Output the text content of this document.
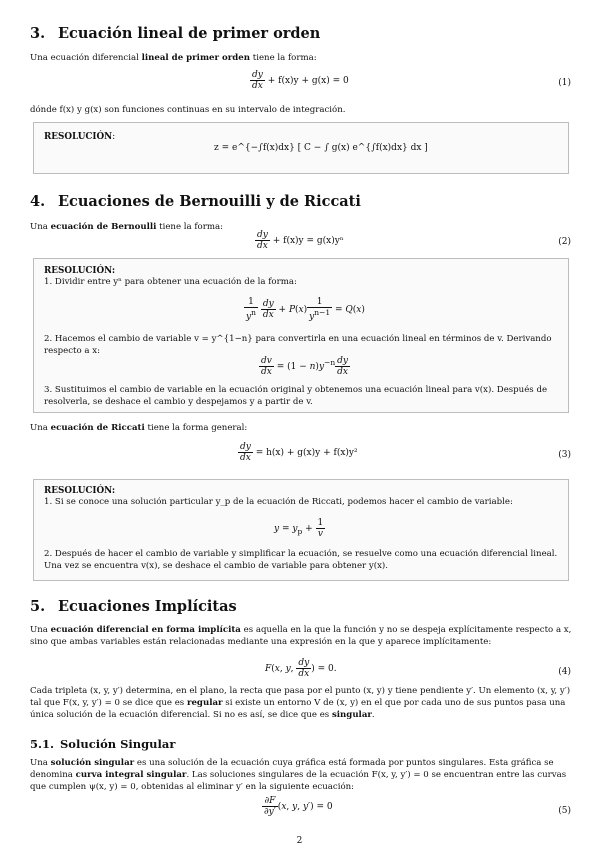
3. Ecuación lineal de primer orden

Una ecuación diferencial lineal de primer orden tiene la forma:

$\frac{dy}{dx} + f(x)y + g(x) = 0$	(1)

dónde f(x) y g(x) son funciones continuas en su intervalo de integración.

RESOLUCIÓN:
z = e^{−∫f(x)dx} [ C − ∫ g(x) e^{∫f(x)dx} dx ]
4. Ecuaciones de Bernouilli y de Riccati

Una ecuación de Bernoulli tiene la forma:

$\frac{dy}{dx} + f(x)y = g(x)y^n$	(2)
RESOLUCIÓN:
1. Dividir entre yⁿ para obtener una ecuación de la forma:
$\frac{1}{y^n}$
$\frac{dy}{dx} + P(x) \frac{1}{y^{n-1}} = Q(x)$
2. Hacemos el cambio de variable v = y^{1−n} para convertirla en una ecuación lineal en términos de v. Derivando respecto a x:
$\frac{dv}{dx} = (1 - n)y^{-n} \frac{dy}{dx}$
3. Sustituimos el cambio de variable en la ecuación original y obtenemos una ecuación lineal para v(x). Después de resolverla, se deshace el cambio y despejamos y a partir de v.

Una ecuación de Riccati tiene la forma general:

$\frac{dy}{dx} = h(x) + g(x)y + f(x)y^2$	(3)
RESOLUCIÓN:
1. Si se conoce una solución particular y_p de la ecuación de Riccati, podemos hacer el cambio de variable:
$y = y_p + \frac{1}{v}$
2. Después de hacer el cambio de variable y simplificar la ecuación, se resuelve como una ecuación diferencial lineal. Una vez se encuentra v(x), se deshace el cambio de variable para obtener y(x).
5. Ecuaciones Implícitas

Una ecuación diferencial en forma implícita es aquella en la que la función y no se despeja explícitamente respecto a x, sino que ambas variables están relacionadas mediante una expresión en la que y aparece implícitamente:

F(x, y, $\frac{dy}{dx}$ ) = 0.	(4)

Cada tripleta (x, y, y′) determina, en el plano, la recta que pasa por el punto (x, y) y tiene pendiente y′. Un elemento (x, y, y′) tal que F(x, y, y′) = 0 se dice que es regular si existe un entorno V de (x, y) en el que por cada uno de sus puntos pasa una única solución de la ecuación diferencial. Si no es así, se dice que es singular.

5.1. Solución Singular

Una solución singular es una solución de la ecuación cuya gráfica está formada por puntos singulares. Esta gráfica se denomina curva integral singular. Las soluciones singulares de la ecuación F(x, y, y′) = 0 se encuentran entre las curvas que cumplen ψ(x, y) = 0, obtenidas al eliminar y′ en la siguiente ecuación:

$\frac{\partial F}{\partial y'} (x$, y, y′) = 0	(5)
2
